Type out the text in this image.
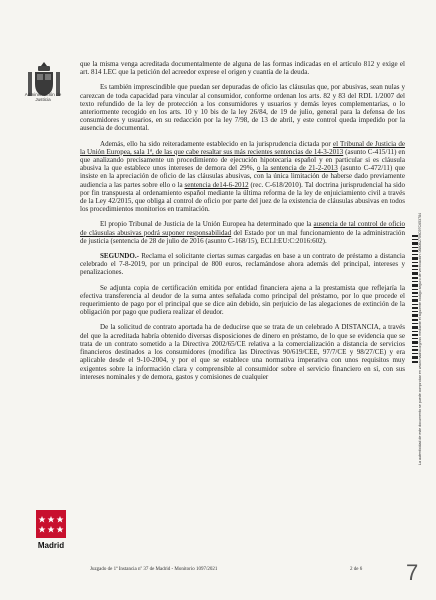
Administración de Justicia

que la misma venga acreditada documentalmente de alguna de las formas indicadas en el artículo 812 y exige el art. 814 LEC que la petición del acreedor exprese el origen y cuantía de la deuda.

Es también imprescindible que puedan ser depuradas de oficio las cláusulas que, por abusivas, sean nulas y carezcan de toda capacidad para vincular al consumidor, conforme ordenan los arts. 82 y 83 del RDL 1/2007 del texto refundido de la ley de protección a los consumidores y usuarios y demás leyes complementarias, o lo anteriormente recogido en los arts. 10 y 10 bis de la ley 26/84, de 19 de julio, general para la defensa de los consumidores y usuarios, en su redacción por la ley 7/98, de 13 de abril, y este control queda impedido por la ausencia de documental.

Además, ello ha sido reiteradamente establecido en la jurisprudencia dictada por el Tribunal de Justicia de la Unión Europea, sala 1ª, de las que cabe resaltar sus más recientes sentencias de 14-3-2013 (asunto C-415/11) en que analizando precisamente un procedimiento de ejecución hipotecaria español y en particular si es cláusula abusiva la que establece unos intereses de demora del 29%, o la sentencia de 21-2-2013 (asunto C-472/11) que insiste en la apreciación de oficio de las cláusulas abusivas, con la única limitación de haberse dado previamente audiencia a las partes sobre ello o la sentencia de14-6-2012 (rec. C-618/2010). Tal doctrina jurisprudencial ha sido por fin transpuesta al ordenamiento español mediante la última reforma de la ley de enjuiciamiento civil a través de la Ley 42/2015, que obliga al control de oficio por parte del juez de la existencia de cláusulas abusivas en todos los procedimientos monitorios en tramitación.

El propio Tribunal de Justicia de la Unión Europea ha determinado que la ausencia de tal control de oficio de cláusulas abusivas podrá suponer responsabilidad del Estado por un mal funcionamiento de la administración de justicia (sentencia de 28 de julio de 2016 (asunto C-168/15), ECLI:EU:C:2016:602).

SEGUNDO.- Reclama el solicitante ciertas sumas cargadas en base a un contrato de préstamo a distancia celebrado el 7-8-2019, por un principal de 800 euros, reclamándose ahora además del principal, intereses y penalizaciones.

Se adjunta copia de certificación emitida por entidad financiera ajena a la prestamista que reflejaría la efectiva transferencia al deudor de la suma antes señalada como principal del préstamo, por lo que procede el requerimiento de pago por el principal que se dice aún debido, sin perjuicio de las alegaciones de extinción de la obligación por pago que pudiera realizar el deudor.

De la solicitud de contrato aportada ha de deducirse que se trata de un celebrado A DISTANCIA, a través del que la acreditada habría obtenido diversas disposiciones de dinero en préstamo, de lo que se evidencia que se trata de un contrato sometido a la Directiva 2002/65/CE relativa a la comercialización a distancia de servicios financieros destinados a los consumidores (modifica las Directivas 90/619/CEE, 97/7/CE y 98/27/CE) y era aplicable desde el 9-10-2004, y por el que se establece una normativa imperativa con unos requisitos muy exigentes sobre la información clara y comprensible al consumidor sobre el servicio financiero en sí, con sus intereses nominales y de demora, gastos y comisiones de cualquier	La autenticidad de este documento se puede comprobar en www.madrid.org/csv mediante el siguiente código seguro de verificación: 0880B2759C97C653784
Madrid
Juzgado de 1ª Instancia nº 37 de Madrid - Monitorio 1097/2021	2 de 6 7
